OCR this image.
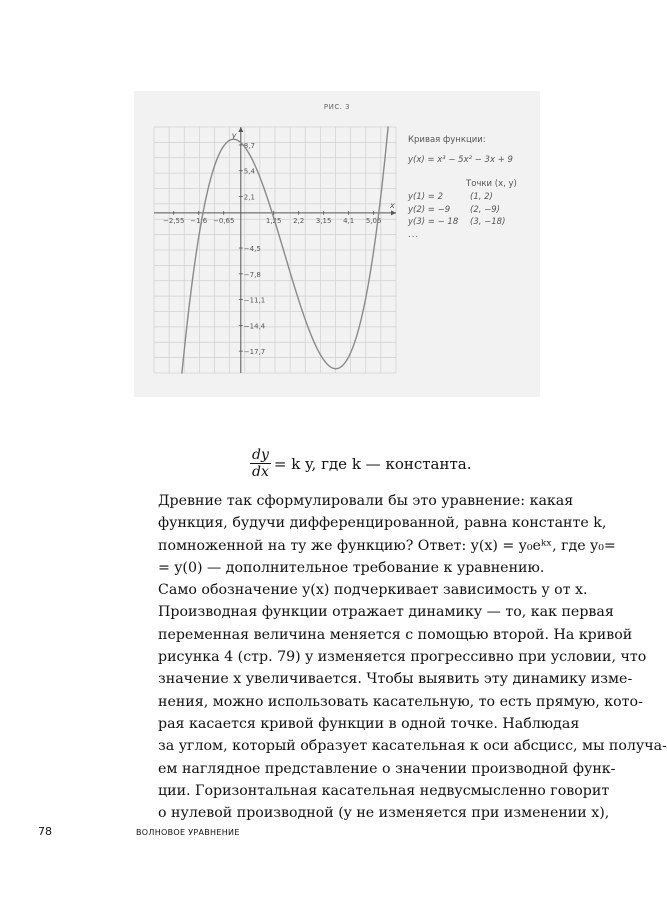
РИС. 3
x
y
−2,55 −1,6 −0,65	1,25 2,2 3,15 4,1 5,05
8,7
5,4
2,1
−4,5
−7,8
−11,1
−14,4
−17,7
Кривая функции:
y(x) = x³ − 5x² − 3x + 9
Точки (x, y)
y(1) = 2	(1, 2)
y(2) = −9	(2, −9)
y(3) = − 18	(3, −18)
...
$\frac{dy}{dx} = k$ y, где k — константа.

Древние так сформулировали бы это уравнение: какая
функция, будучи дифференцированной, равна константе k,
помноженной на ту же функцию? Ответ: y(x) = y₀eᵏˣ, где y₀=
= y(0) — дополнительное требование к уравнению.

Само обозначение y(x) подчеркивает зависимость y от x.
Производная функции отражает динамику — то, как первая
переменная величина меняется с помощью второй. На кривой
рисунка 4 (стр. 79) y изменяется прогрессивно при условии, что
значение x увеличивается. Чтобы выявить эту динамику изме-
нения, можно использовать касательную, то есть прямую, кото-
рая касается кривой функции в одной точке. Наблюдая
за углом, который образует касательная к оси абсцисс, мы получа-
ем наглядное представление о значении производной функ-
ции. Горизонтальная касательная недвусмысленно говорит
о нулевой производной (y не изменяется при изменении x),

78	ВОЛНОВОЕ УРАВНЕНИЕ
